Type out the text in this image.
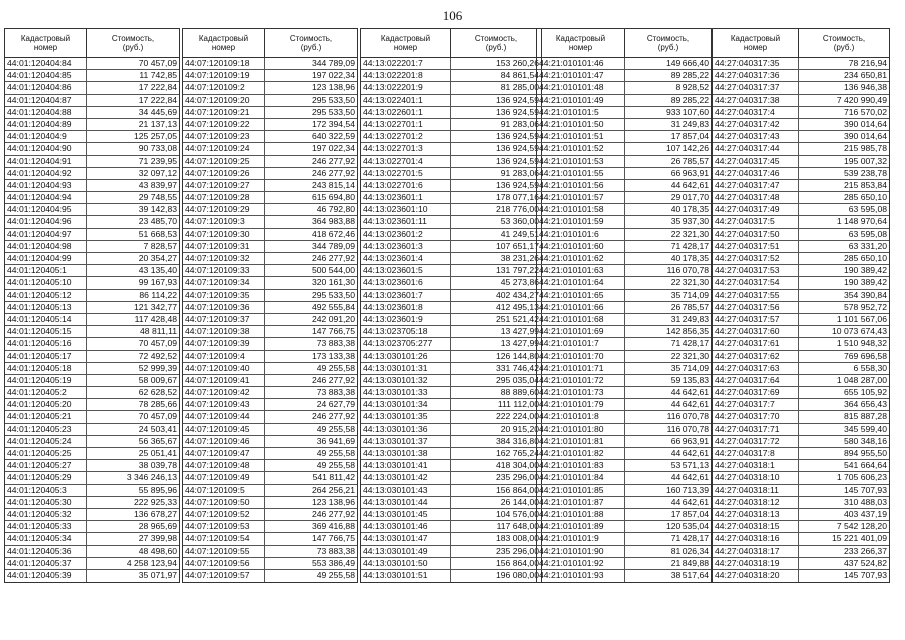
106
Кадастровый
номер
Стоимость,
(руб.)
44:01:120404:84	70 457,09
44:01:120404:85	11 742,85
44:01:120404:86	17 222,84
44:01:120404:87	17 222,84
44:01:120404:88	34 445,69
44:01:120404:89	21 137,13
44:01:120404:9	125 257,05
44:01:120404:90	90 733,08
44:01:120404:91	71 239,95
44:01:120404:92	32 097,12
44:01:120404:93	43 839,97
44:01:120404:94	29 748,55
44:01:120404:95	39 142,83
44:01:120404:96	23 485,70
44:01:120404:97	51 668,53
44:01:120404:98	7 828,57
44:01:120404:99	20 354,27
44:01:120405:1	43 135,40
44:01:120405:10	99 167,93
44:01:120405:12	86 114,22
44:01:120405:13	121 342,77
44:01:120405:14	117 428,48
44:01:120405:15	48 811,11
44:01:120405:16	70 457,09
44:01:120405:17	72 492,52
44:01:120405:18	52 999,39
44:01:120405:19	58 009,67
44:01:120405:2	62 628,52
44:01:120405:20	78 285,66
44:01:120405:21	70 457,09
44:01:120405:23	24 503,41
44:01:120405:24	56 365,67
44:01:120405:25	25 051,41
44:01:120405:27	38 039,78
44:01:120405:29	3 346 246,13
44:01:120405:3	55 895,96
44:01:120405:30	222 925,33
44:01:120405:32	136 678,27
44:01:120405:33	28 965,69
44:01:120405:34	27 399,98
44:01:120405:36	48 498,60
44:01:120405:37	4 258 123,94
44:01:120405:39	35 071,97
Кадастровый
номер
Стоимость,
(руб.)
44:07:120109:18	344 789,09
44:07:120109:19	197 022,34
44:07:120109:2	123 138,96
44:07:120109:20	295 533,50
44:07:120109:21	295 533,50
44:07:120109:22	172 394,54
44:07:120109:23	640 322,59
44:07:120109:24	197 022,34
44:07:120109:25	246 277,92
44:07:120109:26	246 277,92
44:07:120109:27	243 815,14
44:07:120109:28	615 694,80
44:07:120109:29	46 792,80
44:07:120109:3	364 983,88
44:07:120109:30	418 672,46
44:07:120109:31	344 789,09
44:07:120109:32	246 277,92
44:07:120109:33	500 544,00
44:07:120109:34	320 161,30
44:07:120109:35	295 533,50
44:07:120109:36	492 555,84
44:07:120109:37	242 091,20
44:07:120109:38	147 766,75
44:07:120109:39	73 883,38
44:07:120109:4	173 133,38
44:07:120109:40	49 255,58
44:07:120109:41	246 277,92
44:07:120109:42	73 883,38
44:07:120109:43	24 627,79
44:07:120109:44	246 277,92
44:07:120109:45	49 255,58
44:07:120109:46	36 941,69
44:07:120109:47	49 255,58
44:07:120109:48	49 255,58
44:07:120109:49	541 811,42
44:07:120109:5	264 256,21
44:07:120109:50	123 138,96
44:07:120109:52	246 277,92
44:07:120109:53	369 416,88
44:07:120109:54	147 766,75
44:07:120109:55	73 883,38
44:07:120109:56	553 386,49
44:07:120109:57	49 255,58
Кадастровый
номер
Стоимость,
(руб.)
44:13:022201:7	153 260,26
44:13:022201:8	84 861,54
44:13:022201:9	81 285,00
44:13:022401:1	136 924,59
44:13:022601:1	136 924,59
44:13:022701:1	91 283,06
44:13:022701:2	136 924,59
44:13:022701:3	136 924,59
44:13:022701:4	136 924,59
44:13:022701:5	91 283,06
44:13:022701:6	136 924,59
44:13:023601:1	178 077,16
44:13:023601:10	218 776,00
44:13:023601:11	53 360,00
44:13:023601:2	41 249,51
44:13:023601:3	107 651,17
44:13:023601:4	38 231,26
44:13:023601:5	131 797,22
44:13:023601:6	45 273,86
44:13:023601:7	402 434,27
44:13:023601:8	412 495,13
44:13:023601:9	251 521,42
44:13:023705:18	13 427,99
44:13:023705:277	13 427,99
44:13:030101:26	126 144,80
44:13:030101:31	331 746,42
44:13:030101:32	295 035,04
44:13:030101:33	88 889,60
44:13:030101:34	111 112,00
44:13:030101:35	222 224,00
44:13:030101:36	20 915,20
44:13:030101:37	384 316,80
44:13:030101:38	162 765,24
44:13:030101:41	418 304,00
44:13:030101:42	235 296,00
44:13:030101:43	156 864,00
44:13:030101:44	26 144,00
44:13:030101:45	104 576,00
44:13:030101:46	117 648,00
44:13:030101:47	183 008,00
44:13:030101:49	235 296,00
44:13:030101:50	156 864,00
44:13:030101:51	196 080,00
Кадастровый
номер
Стоимость,
(руб.)
44:21:010101:46	149 666,40
44:21:010101:47	89 285,22
44:21:010101:48	8 928,52
44:21:010101:49	89 285,22
44:21:010101:5	933 107,60
44:21:010101:50	31 249,83
44:21:010101:51	17 857,04
44:21:010101:52	107 142,26
44:21:010101:53	26 785,57
44:21:010101:55	66 963,91
44:21:010101:56	44 642,61
44:21:010101:57	29 017,70
44:21:010101:58	40 178,35
44:21:010101:59	35 937,30
44:21:010101:6	22 321,30
44:21:010101:60	71 428,17
44:21:010101:62	40 178,35
44:21:010101:63	116 070,78
44:21:010101:64	22 321,30
44:21:010101:65	35 714,09
44:21:010101:66	26 785,57
44:21:010101:68	31 249,83
44:21:010101:69	142 856,35
44:21:010101:7	71 428,17
44:21:010101:70	22 321,30
44:21:010101:71	35 714,09
44:21:010101:72	59 135,83
44:21:010101:73	44 642,61
44:21:010101:79	44 642,61
44:21:010101:8	116 070,78
44:21:010101:80	116 070,78
44:21:010101:81	66 963,91
44:21:010101:82	44 642,61
44:21:010101:83	53 571,13
44:21:010101:84	44 642,61
44:21:010101:85	160 713,39
44:21:010101:87	44 642,61
44:21:010101:88	17 857,04
44:21:010101:89	120 535,04
44:21:010101:9	71 428,17
44:21:010101:90	81 026,34
44:21:010101:92	21 849,88
44:21:010101:93	38 517,64
Кадастровый
номер
Стоимость,
(руб.)
44:27:040317:35	78 216,94
44:27:040317:36	234 650,81
44:27:040317:37	136 946,38
44:27:040317:38	7 420 990,49
44:27:040317:4	716 570,02
44:27:040317:42	390 014,64
44:27:040317:43	390 014,64
44:27:040317:44	215 985,78
44:27:040317:45	195 007,32
44:27:040317:46	539 238,78
44:27:040317:47	215 853,84
44:27:040317:48	285 650,10
44:27:040317:49	63 595,08
44:27:040317:5	1 148 970,64
44:27:040317:50	63 595,08
44:27:040317:51	63 331,20
44:27:040317:52	285 650,10
44:27:040317:53	190 389,42
44:27:040317:54	190 389,42
44:27:040317:55	354 390,84
44:27:040317:56	578 952,72
44:27:040317:57	1 101 567,06
44:27:040317:60	10 073 674,43
44:27:040317:61	1 510 948,32
44:27:040317:62	769 696,58
44:27:040317:63	6 558,30
44:27:040317:64	1 048 287,00
44:27:040317:69	655 105,92
44:27:040317:7	364 656,43
44:27:040317:70	815 887,28
44:27:040317:71	345 599,40
44:27:040317:72	580 348,16
44:27:040317:8	894 955,50
44:27:040318:1	541 664,64
44:27:040318:10	1 705 606,23
44:27:040318:11	145 707,93
44:27:040318:12	310 488,03
44:27:040318:13	403 437,19
44:27:040318:15	7 542 128,20
44:27:040318:16	15 221 401,09
44:27:040318:17	233 266,37
44:27:040318:19	437 524,82
44:27:040318:20	145 707,93
